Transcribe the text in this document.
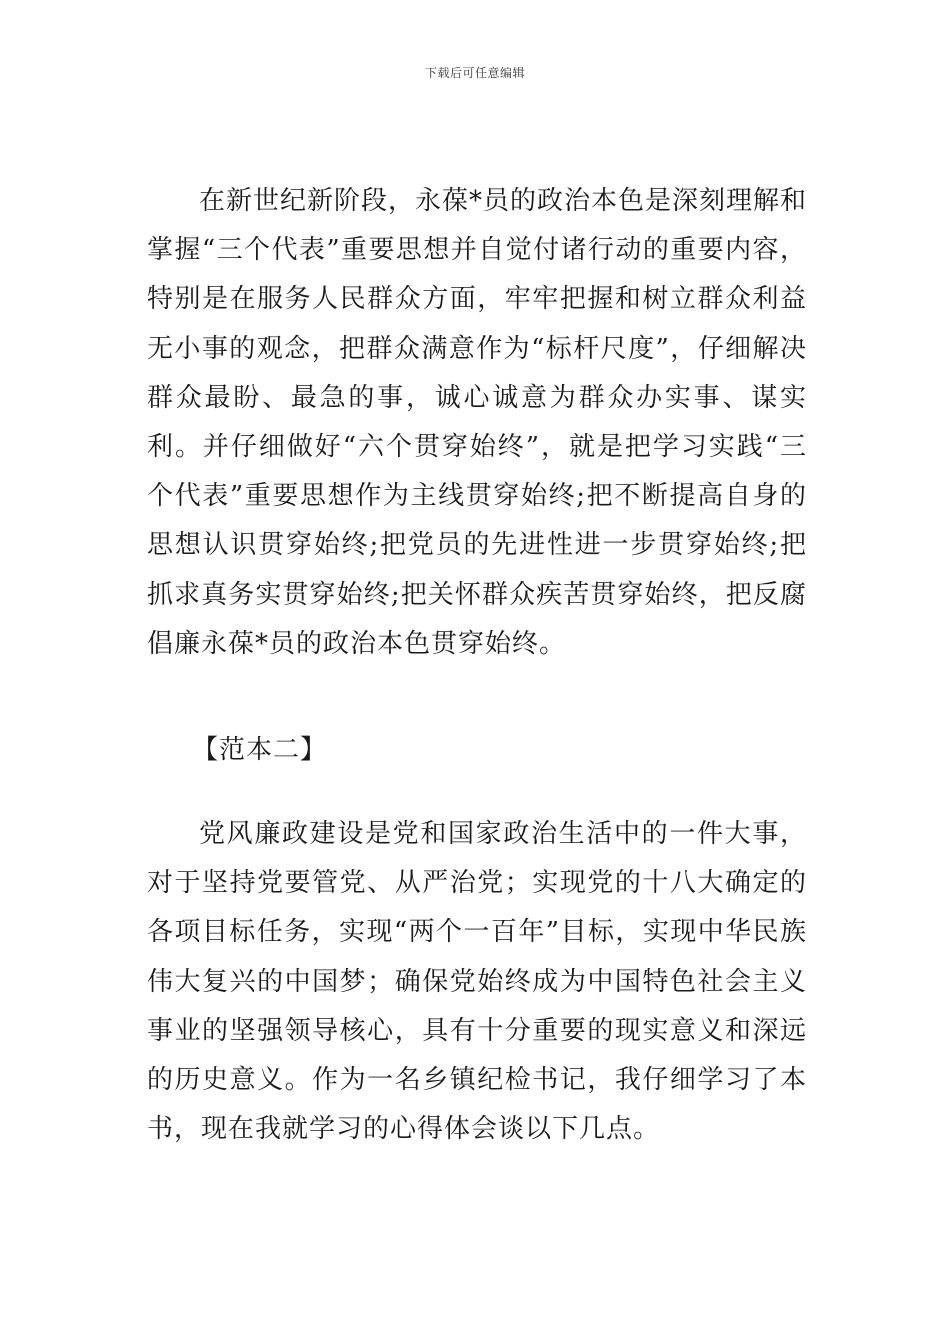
下载后可任意编辑

在新世纪新阶段，永葆*员的政治本色是深刻理解和掌握“三个代表”重要思想并自觉付诸行动的重要内容，特别是在服务人民群众方面，牢牢把握和树立群众利益无小事的观念，把群众满意作为“标杆尺度”，仔细解决群众最盼、最急的事，诚心诚意为群众办实事、谋实利。并仔细做好“六个贯穿始终”，就是把学习实践“三个代表”重要思想作为主线贯穿始终;把不断提高自身的思想认识贯穿始终;把党员的先进性进一步贯穿始终;把抓求真务实贯穿始终;把关怀群众疾苦贯穿始终，把反腐倡廉永葆*员的政治本色贯穿始终。

【范本二】

党风廉政建设是党和国家政治生活中的一件大事，对于坚持党要管党、从严治党；实现党的十八大确定的各项目标任务，实现“两个一百年”目标，实现中华民族伟大复兴的中国梦；确保党始终成为中国特色社会主义事业的坚强领导核心，具有十分重要的现实意义和深远的历史意义。作为一名乡镇纪检书记，我仔细学习了本书，现在我就学习的心得体会谈以下几点。
